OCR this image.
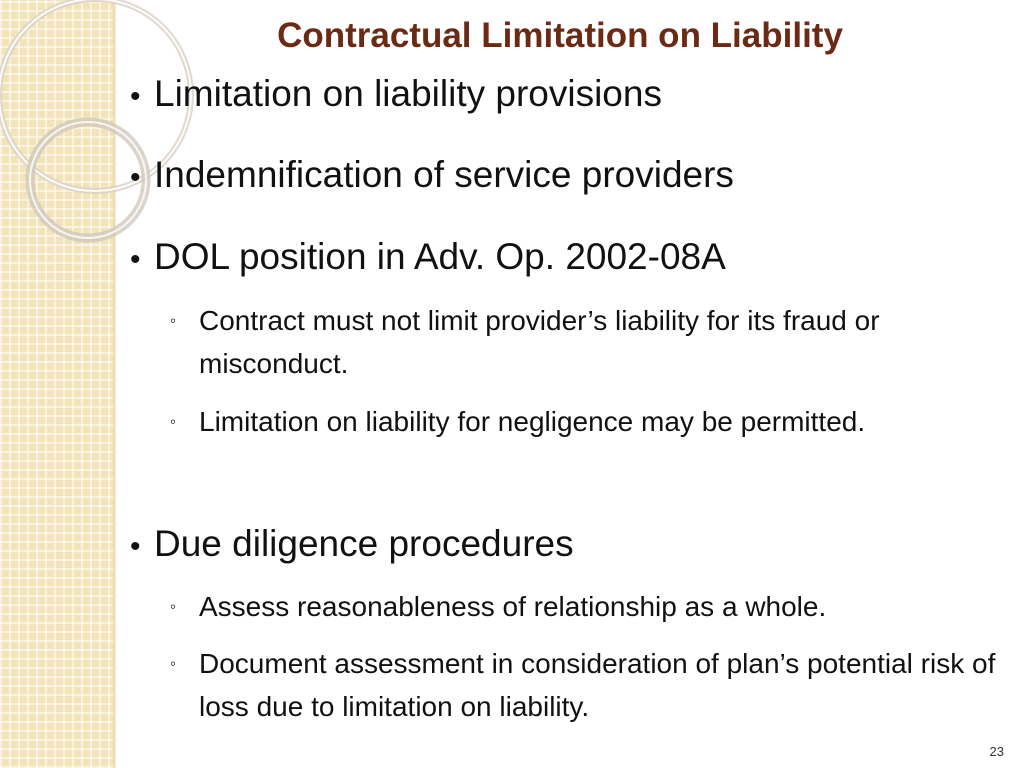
Contractual Limitation on Liability
• Limitation on liability provisions
• Indemnification of service providers
• DOL position in Adv. Op. 2002-08A
◦ Contract must not limit provider’s liability for its fraud or misconduct.
◦ Limitation on liability for negligence may be permitted.
• Due diligence procedures
◦ Assess reasonableness of relationship as a whole.
◦ Document assessment in consideration of plan’s potential risk of loss due to limitation on liability.
23
